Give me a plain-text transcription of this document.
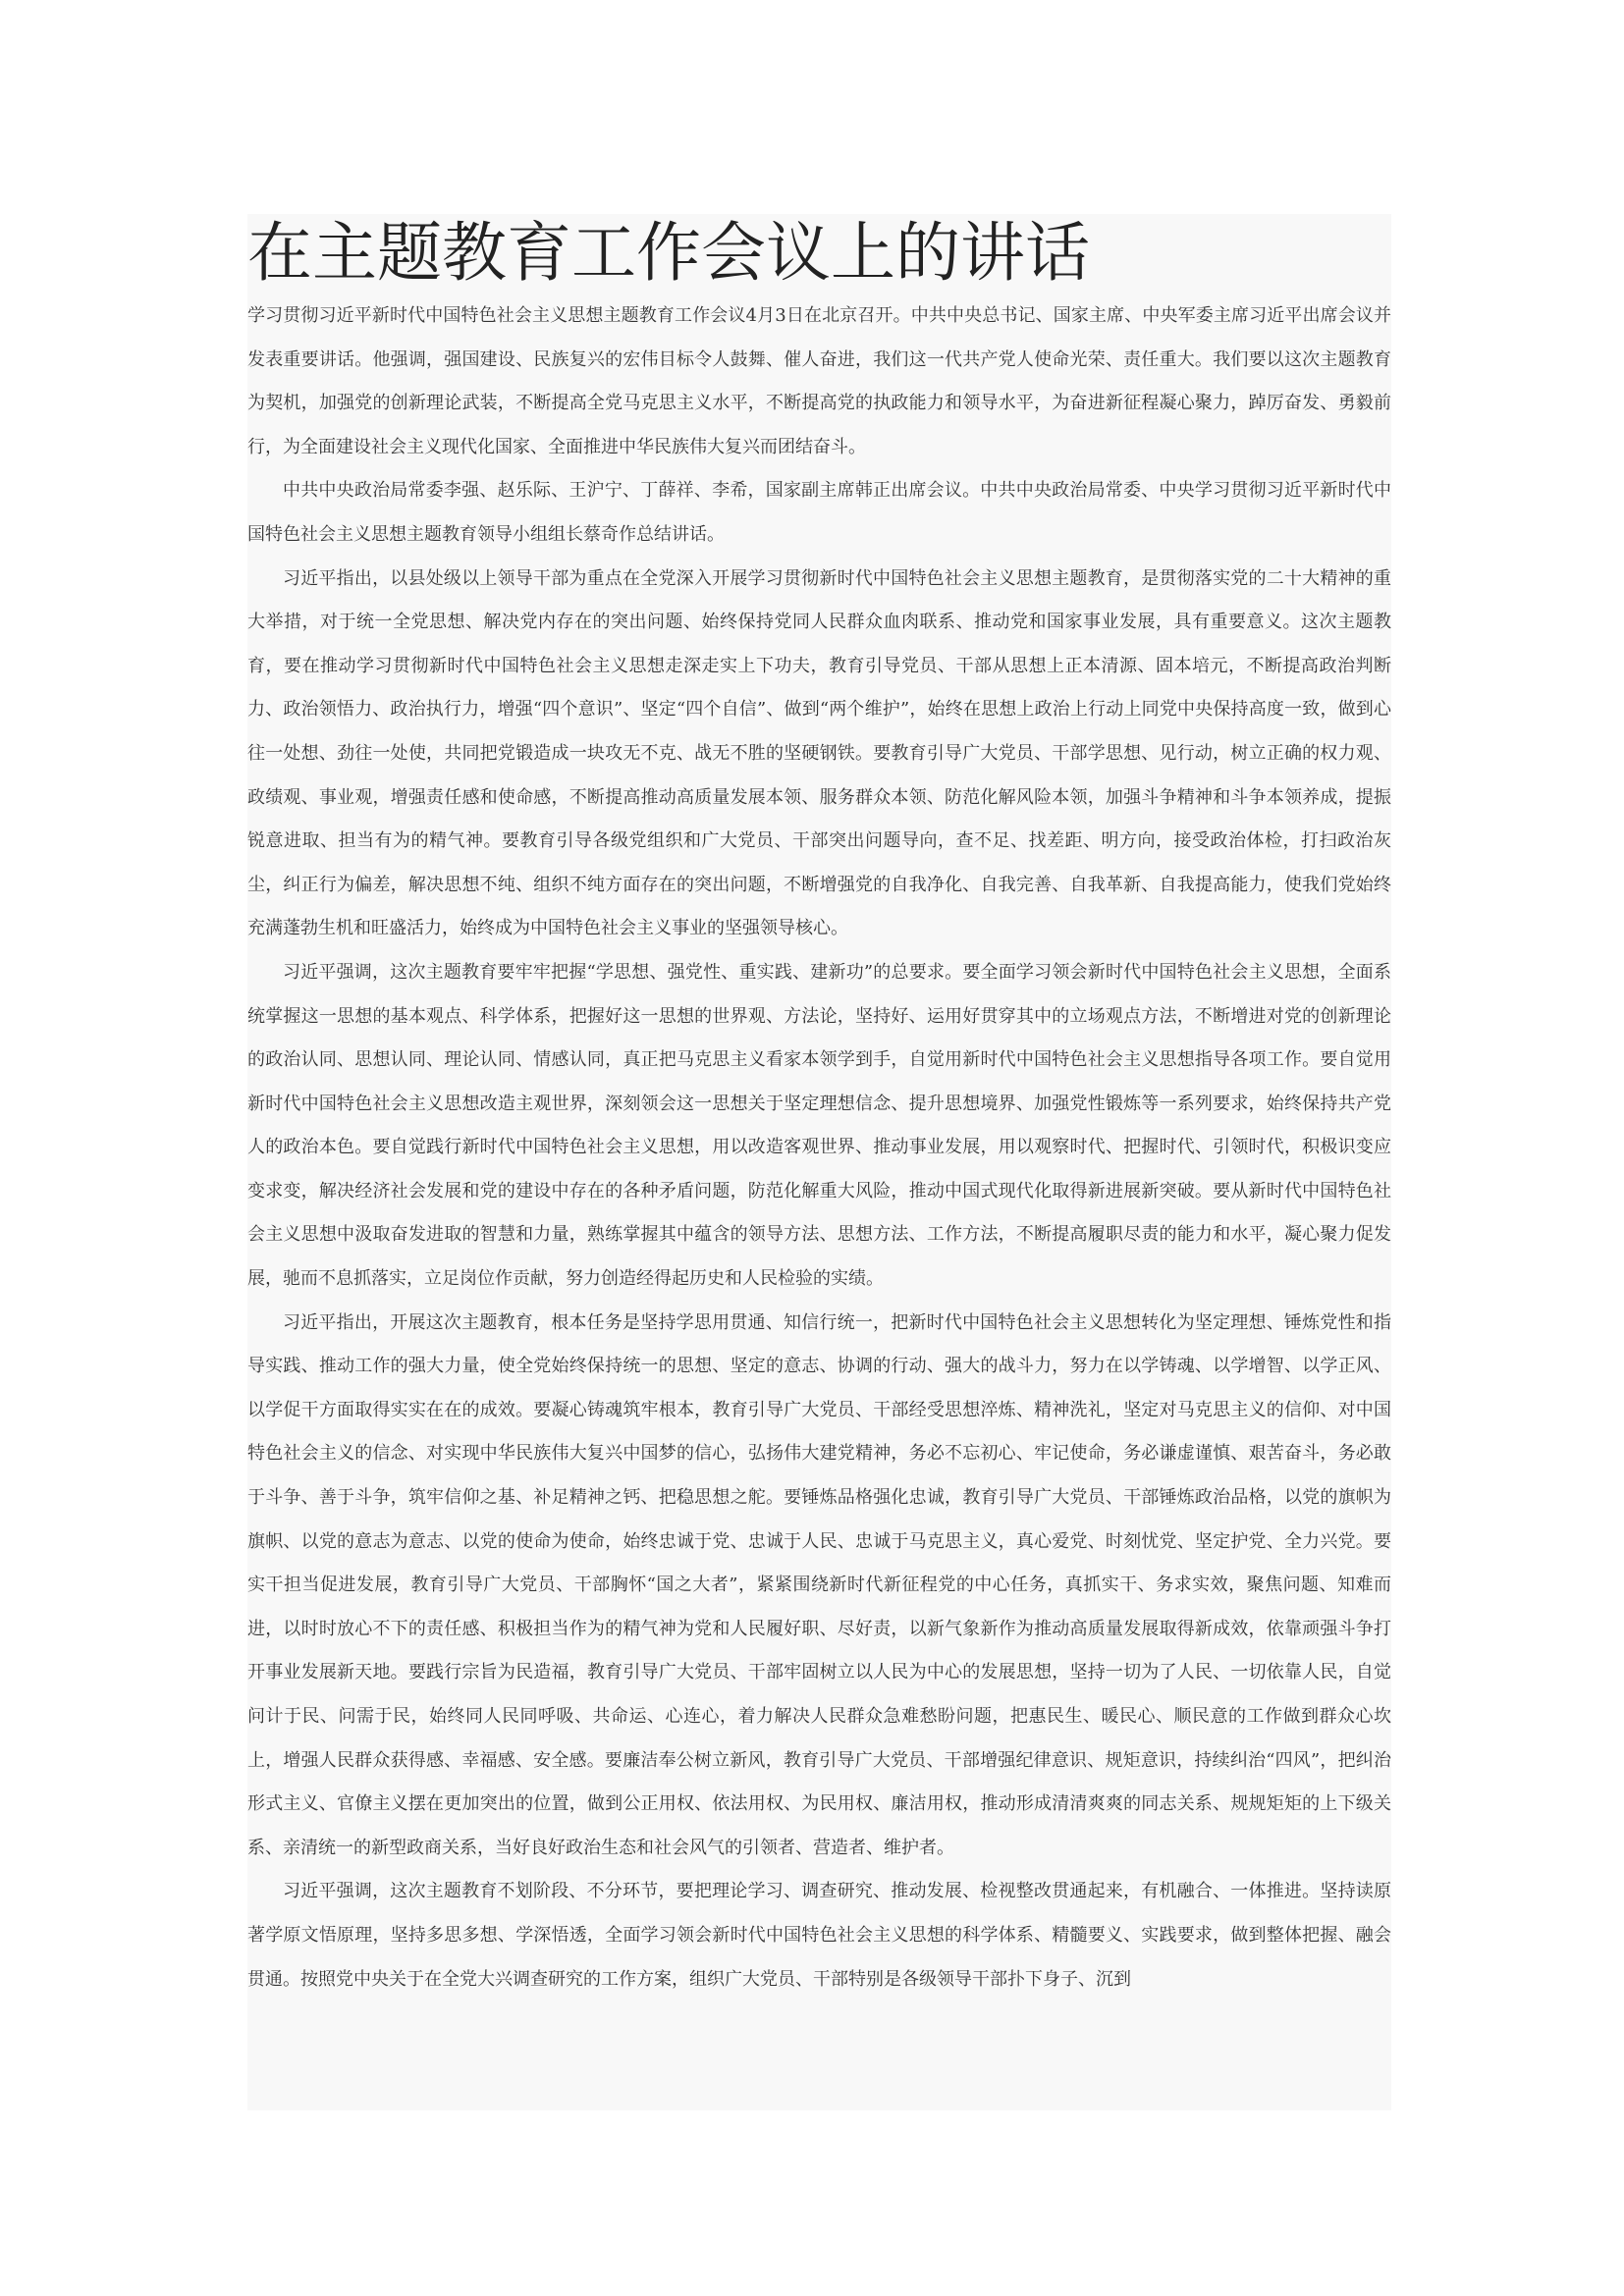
在主题教育工作会议上的讲话

学习贯彻习近平新时代中国特色社会主义思想主题教育工作会议4月3日在北京召开。中共中央总书记、国家主席、中央军委主席习近平出席会议并发表重要讲话。他强调，强国建设、民族复兴的宏伟目标令人鼓舞、催人奋进，我们这一代共产党人使命光荣、责任重大。我们要以这次主题教育为契机，加强党的创新理论武装，不断提高全党马克思主义水平，不断提高党的执政能力和领导水平，为奋进新征程凝心聚力，踔厉奋发、勇毅前行，为全面建设社会主义现代化国家、全面推进中华民族伟大复兴而团结奋斗。

中共中央政治局常委李强、赵乐际、王沪宁、丁薛祥、李希，国家副主席韩正出席会议。中共中央政治局常委、中央学习贯彻习近平新时代中国特色社会主义思想主题教育领导小组组长蔡奇作总结讲话。

习近平指出，以县处级以上领导干部为重点在全党深入开展学习贯彻新时代中国特色社会主义思想主题教育，是贯彻落实党的二十大精神的重大举措，对于统一全党思想、解决党内存在的突出问题、始终保持党同人民群众血肉联系、推动党和国家事业发展，具有重要意义。这次主题教育，要在推动学习贯彻新时代中国特色社会主义思想走深走实上下功夫，教育引导党员、干部从思想上正本清源、固本培元，不断提高政治判断力、政治领悟力、政治执行力，增强“四个意识”、坚定“四个自信”、做到“两个维护”，始终在思想上政治上行动上同党中央保持高度一致，做到心往一处想、劲往一处使，共同把党锻造成一块攻无不克、战无不胜的坚硬钢铁。要教育引导广大党员、干部学思想、见行动，树立正确的权力观、政绩观、事业观，增强责任感和使命感，不断提高推动高质量发展本领、服务群众本领、防范化解风险本领，加强斗争精神和斗争本领养成，提振锐意进取、担当有为的精气神。要教育引导各级党组织和广大党员、干部突出问题导向，查不足、找差距、明方向，接受政治体检，打扫政治灰尘，纠正行为偏差，解决思想不纯、组织不纯方面存在的突出问题，不断增强党的自我净化、自我完善、自我革新、自我提高能力，使我们党始终充满蓬勃生机和旺盛活力，始终成为中国特色社会主义事业的坚强领导核心。

习近平强调，这次主题教育要牢牢把握“学思想、强党性、重实践、建新功”的总要求。要全面学习领会新时代中国特色社会主义思想，全面系统掌握这一思想的基本观点、科学体系，把握好这一思想的世界观、方法论，坚持好、运用好贯穿其中的立场观点方法，不断增进对党的创新理论的政治认同、思想认同、理论认同、情感认同，真正把马克思主义看家本领学到手，自觉用新时代中国特色社会主义思想指导各项工作。要自觉用新时代中国特色社会主义思想改造主观世界，深刻领会这一思想关于坚定理想信念、提升思想境界、加强党性锻炼等一系列要求，始终保持共产党人的政治本色。要自觉践行新时代中国特色社会主义思想，用以改造客观世界、推动事业发展，用以观察时代、把握时代、引领时代，积极识变应变求变，解决经济社会发展和党的建设中存在的各种矛盾问题，防范化解重大风险，推动中国式现代化取得新进展新突破。要从新时代中国特色社会主义思想中汲取奋发进取的智慧和力量，熟练掌握其中蕴含的领导方法、思想方法、工作方法，不断提高履职尽责的能力和水平，凝心聚力促发展，驰而不息抓落实，立足岗位作贡献，努力创造经得起历史和人民检验的实绩。

习近平指出，开展这次主题教育，根本任务是坚持学思用贯通、知信行统一，把新时代中国特色社会主义思想转化为坚定理想、锤炼党性和指导实践、推动工作的强大力量，使全党始终保持统一的思想、坚定的意志、协调的行动、强大的战斗力，努力在以学铸魂、以学增智、以学正风、以学促干方面取得实实在在的成效。要凝心铸魂筑牢根本，教育引导广大党员、干部经受思想淬炼、精神洗礼，坚定对马克思主义的信仰、对中国特色社会主义的信念、对实现中华民族伟大复兴中国梦的信心，弘扬伟大建党精神，务必不忘初心、牢记使命，务必谦虚谨慎、艰苦奋斗，务必敢于斗争、善于斗争，筑牢信仰之基、补足精神之钙、把稳思想之舵。要锤炼品格强化忠诚，教育引导广大党员、干部锤炼政治品格，以党的旗帜为旗帜、以党的意志为意志、以党的使命为使命，始终忠诚于党、忠诚于人民、忠诚于马克思主义，真心爱党、时刻忧党、坚定护党、全力兴党。要实干担当促进发展，教育引导广大党员、干部胸怀“国之大者”，紧紧围绕新时代新征程党的中心任务，真抓实干、务求实效，聚焦问题、知难而进，以时时放心不下的责任感、积极担当作为的精气神为党和人民履好职、尽好责，以新气象新作为推动高质量发展取得新成效，依靠顽强斗争打开事业发展新天地。要践行宗旨为民造福，教育引导广大党员、干部牢固树立以人民为中心的发展思想，坚持一切为了人民、一切依靠人民，自觉问计于民、问需于民，始终同人民同呼吸、共命运、心连心，着力解决人民群众急难愁盼问题，把惠民生、暖民心、顺民意的工作做到群众心坎上，增强人民群众获得感、幸福感、安全感。要廉洁奉公树立新风，教育引导广大党员、干部增强纪律意识、规矩意识，持续纠治“四风”，把纠治形式主义、官僚主义摆在更加突出的位置，做到公正用权、依法用权、为民用权、廉洁用权，推动形成清清爽爽的同志关系、规规矩矩的上下级关系、亲清统一的新型政商关系，当好良好政治生态和社会风气的引领者、营造者、维护者。

习近平强调，这次主题教育不划阶段、不分环节，要把理论学习、调查研究、推动发展、检视整改贯通起来，有机融合、一体推进。坚持读原著学原文悟原理，坚持多思多想、学深悟透，全面学习领会新时代中国特色社会主义思想的科学体系、精髓要义、实践要求，做到整体把握、融会贯通。按照党中央关于在全党大兴调查研究的工作方案，组织广大党员、干部特别是各级领导干部扑下身子、沉到
